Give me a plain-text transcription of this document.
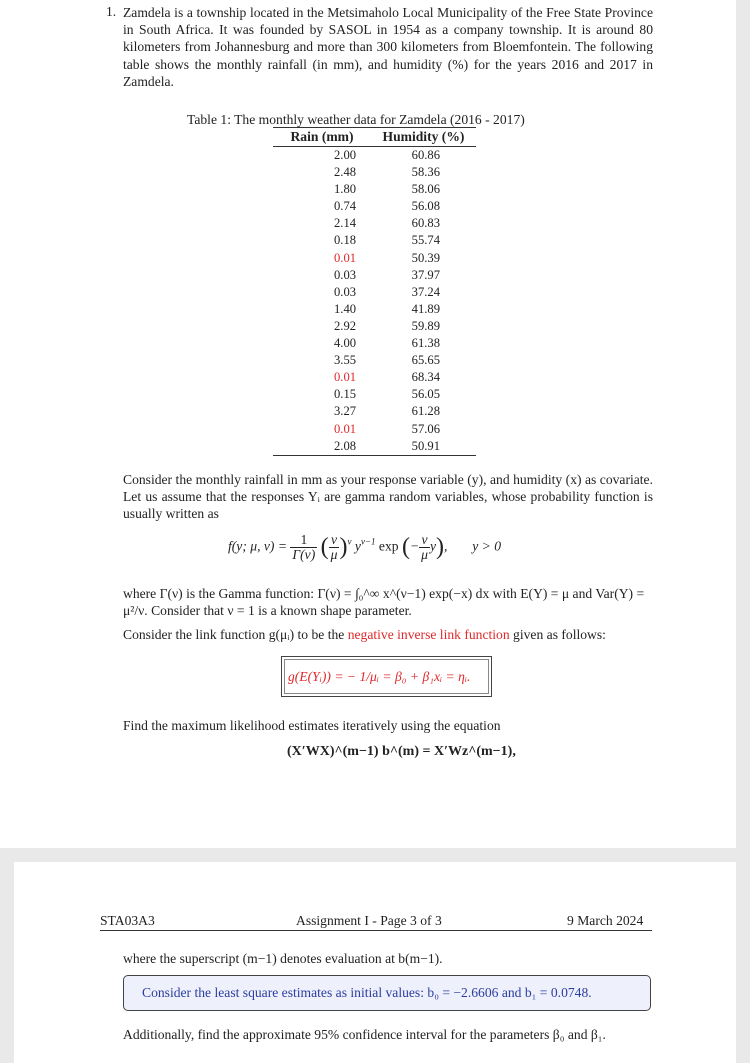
1. Zamdela is a township located in the Metsimaholo Local Municipality of the Free State Province in South Africa. It was founded by SASOL in 1954 as a company township. It is around 80 kilometers from Johannesburg and more than 300 kilometers from Bloemfontein. The following table shows the monthly rainfall (in mm), and humidity (%) for the years 2016 and 2017 in Zamdela.
Table 1: The monthly weather data for Zamdela (2016 - 2017)
Rain (mm)	Humidity (%)
2.00	60.86
2.48	58.36
1.80	58.06
0.74	56.08
2.14	60.83
0.18	55.74
0.01	50.39
0.03	37.97
0.03	37.24
1.40	41.89
2.92	59.89
4.00	61.38
3.55	65.65
0.01	68.34
0.15	56.05
3.27	61.28
0.01	57.06
2.08	50.91
Consider the monthly rainfall in mm as your response variable (y), and humidity (x) as covariate. Let us assume that the responses Yᵢ are gamma random variables, whose probability function is usually written as
f(y; μ, $\nu) = \frac{1}{\Gamma(\nu)}$ ( $\frac{\nu}{\mu} )^\nu$ $y^{\nu-1}$ exp (− $\frac{\nu}{\mu} y$),  y > 0
where Γ(ν) is the Gamma function: Γ(ν) = ∫₀^∞ x^(ν−1) exp(−x) dx with E(Y) = μ and Var(Y) = μ²/ν. Consider that ν = 1 is a known shape parameter.
Consider the link function g(μᵢ) to be the negative inverse link function given as follows:
g(E(Yᵢ)) = − 1/μᵢ = β₀ + β₁xᵢ = ηᵢ.
Find the maximum likelihood estimates iteratively using the equation
(X′WX)^(m−1) b^(m) = X′Wz^(m−1),
STA03A3	Assignment I - Page 3 of 3	9 March 2024
where the superscript (m−1) denotes evaluation at b(m−1).
Consider the least square estimates as initial values: b₀ = −2.6606 and b₁ = 0.0748.
Additionally, find the approximate 95% confidence interval for the parameters β₀ and β₁.
